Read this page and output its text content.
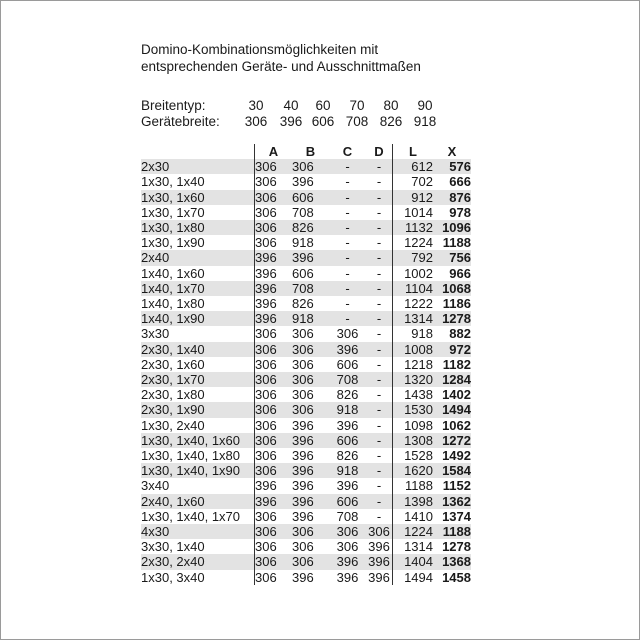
Domino-Kombinationsmöglichkeiten mit
entsprechenden Geräte- und Ausschnittmaßen
Breitentyp:	30	40	60	70	80	90
Gerätebreite: 306 396 606 708 826 918
	A	B	C	D	L	X
2x30	306	306	-	-	612	576
1x30, 1x40	306	396	-	-	702	666
1x30, 1x60	306	606	-	-	912	876
1x30, 1x70	306	708	-	-	1014	978
1x30, 1x80	306	826	-	-	1132	1096
1x30, 1x90	306	918	-	-	1224	1188
2x40	396	396	-	-	792	756
1x40, 1x60	396	606	-	-	1002	966
1x40, 1x70	396	708	-	-	1104	1068
1x40, 1x80	396	826	-	-	1222	1186
1x40, 1x90	396	918	-	-	1314	1278
3x30	306	306	306	-	918	882
2x30, 1x40	306	306	396	-	1008	972
2x30, 1x60	306	306	606	-	1218	1182
2x30, 1x70	306	306	708	-	1320	1284
2x30, 1x80	306	306	826	-	1438	1402
2x30, 1x90	306	306	918	-	1530	1494
1x30, 2x40	306	396	396	-	1098	1062
1x30, 1x40, 1x60	306	396	606	-	1308	1272
1x30, 1x40, 1x80	306	396	826	-	1528	1492
1x30, 1x40, 1x90	306	396	918	-	1620	1584
3x40	396	396	396	-	1188	1152
2x40, 1x60	396	396	606	-	1398	1362
1x30, 1x40, 1x70	306	396	708	-	1410	1374
4x30	306	306	306	306	1224	1188
3x30, 1x40	306	306	306	396	1314	1278
2x30, 2x40	306	306	396	396	1404	1368
1x30, 3x40	306	396	396	396	1494	1458
